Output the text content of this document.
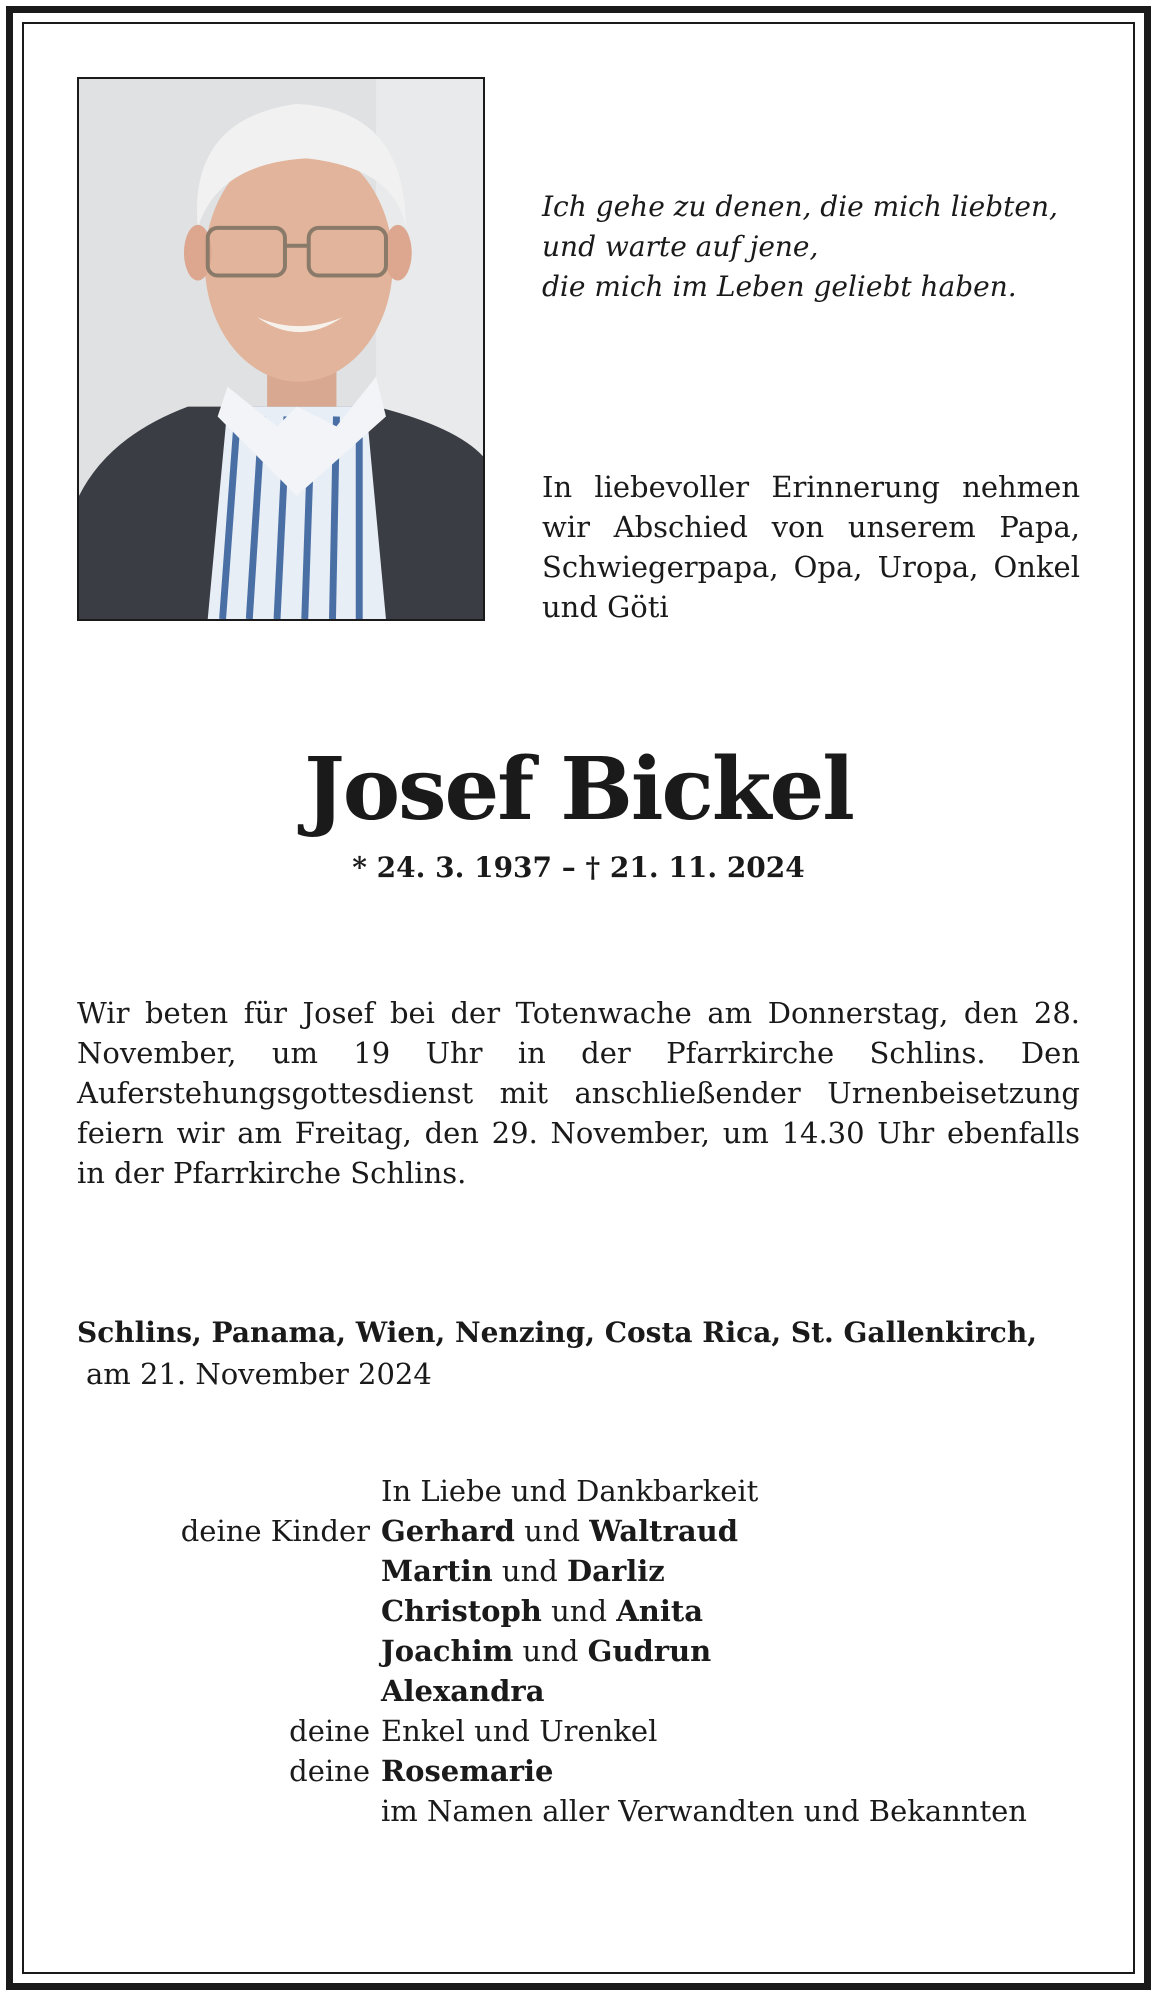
Ich gehe zu denen, die mich liebten,
und warte auf jene,
die mich im Leben geliebt haben.
In liebevoller Erinnerung nehmen wir Abschied von unserem Papa, Schwiegerpapa, Opa, Uropa, Onkel und Göti
Josef Bickel
* 24. 3. 1937 – † 21. 11. 2024
Wir beten für Josef bei der Totenwache am Donnerstag, den 28. November, um 19 Uhr in der Pfarrkirche Schlins. Den Auferstehungsgottesdienst mit anschließender Urnenbeisetzung feiern wir am Freitag, den 29. November, um 14.30 Uhr ebenfalls in der Pfarrkirche Schlins.
Schlins, Panama, Wien, Nenzing, Costa Rica, St. Gallenkirch,
am 21. November 2024
In Liebe und Dankbarkeit
deine Kinder Gerhard und Waltraud
Martin und Darliz
Christoph und Anita
Joachim und Gudrun
Alexandra
deine Enkel und Urenkel
deine Rosemarie
im Namen aller Verwandten und Bekannten
